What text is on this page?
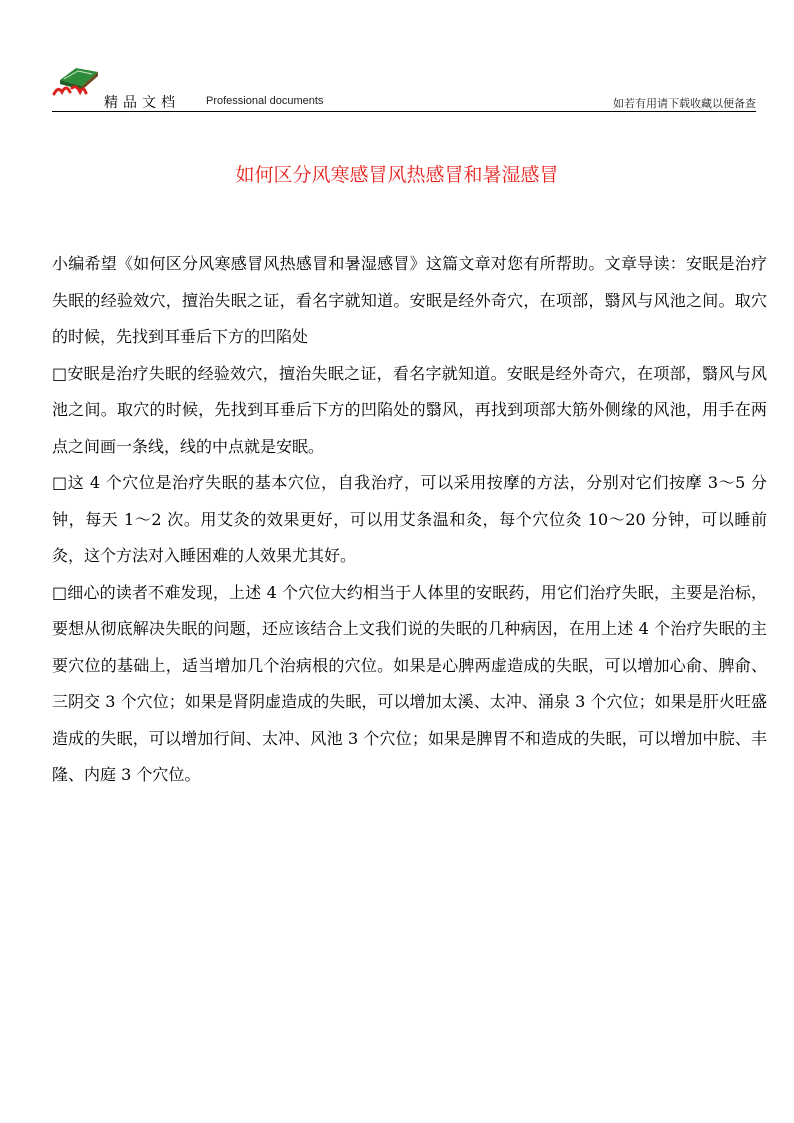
精品文档 Professional documents	如若有用请下载收藏以便备查
如何区分风寒感冒风热感冒和暑湿感冒

小编希望《如何区分风寒感冒风热感冒和暑湿感冒》这篇文章对您有所帮助。文章导读：安眠是治疗失眠的经验效穴，擅治失眠之证，看名字就知道。安眠是经外奇穴，在项部，翳风与风池之间。取穴的时候，先找到耳垂后下方的凹陷处

□安眠是治疗失眠的经验效穴，擅治失眠之证，看名字就知道。安眠是经外奇穴，在项部，翳风与风池之间。取穴的时候，先找到耳垂后下方的凹陷处的翳风，再找到项部大筋外侧缘的风池，用手在两点之间画一条线，线的中点就是安眠。

□这 4 个穴位是治疗失眠的基本穴位，自我治疗，可以采用按摩的方法，分别对它们按摩 3～5 分钟，每天 1～2 次。用艾灸的效果更好，可以用艾条温和灸，每个穴位灸 10～20 分钟，可以睡前灸，这个方法对入睡困难的人效果尤其好。

□细心的读者不难发现，上述 4 个穴位大约相当于人体里的安眠药，用它们治疗失眠，主要是治标，要想从彻底解决失眠的问题，还应该结合上文我们说的失眠的几种病因，在用上述 4 个治疗失眠的主要穴位的基础上，适当增加几个治病根的穴位。如果是心脾两虚造成的失眠，可以增加心俞、脾俞、三阴交 3 个穴位；如果是肾阴虚造成的失眠，可以增加太溪、太冲、涌泉 3 个穴位；如果是肝火旺盛造成的失眠，可以增加行间、太冲、风池 3 个穴位；如果是脾胃不和造成的失眠，可以增加中脘、丰隆、内庭 3 个穴位。
